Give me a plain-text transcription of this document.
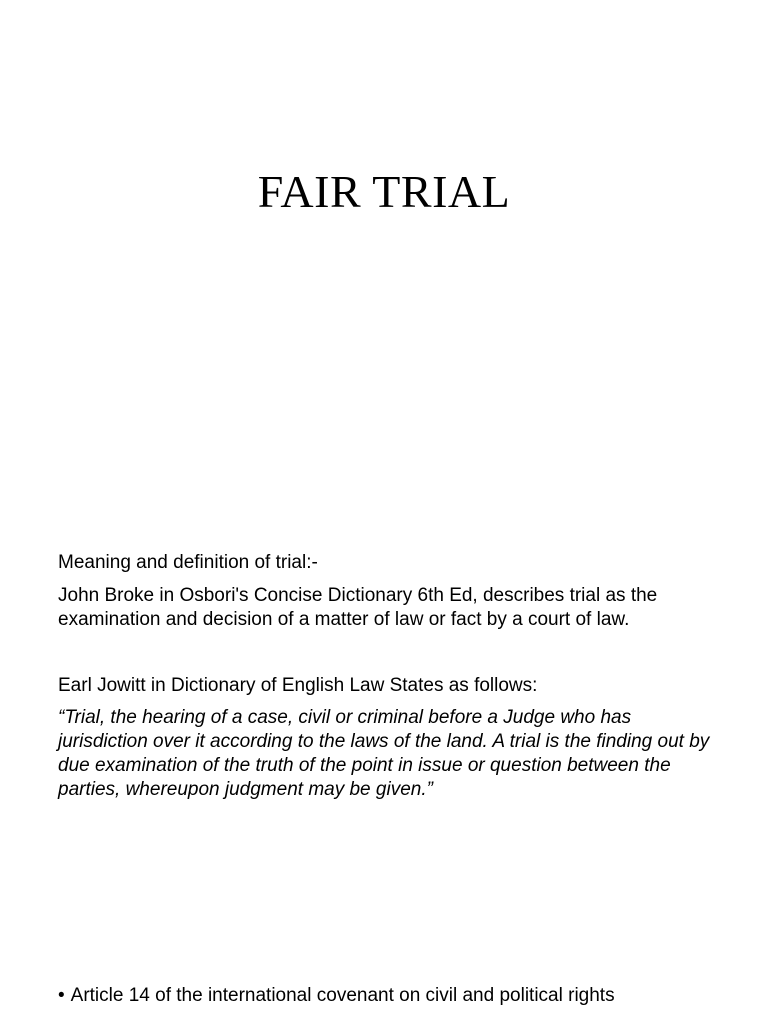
FAIR TRIAL

Meaning and definition of trial:-

John Broke in Osbori's Concise Dictionary 6th Ed, describes trial as the examination and decision of a matter of law or fact by a court of law.

Earl Jowitt in Dictionary of English Law States as follows:

“Trial, the hearing of a case, civil or criminal before a Judge who has jurisdiction over it according to the laws of the land. A trial is the finding out by due examination of the truth of the point in issue or question between the parties, whereupon judgment may be given.”

• Article 14 of the international covenant on civil and political rights
